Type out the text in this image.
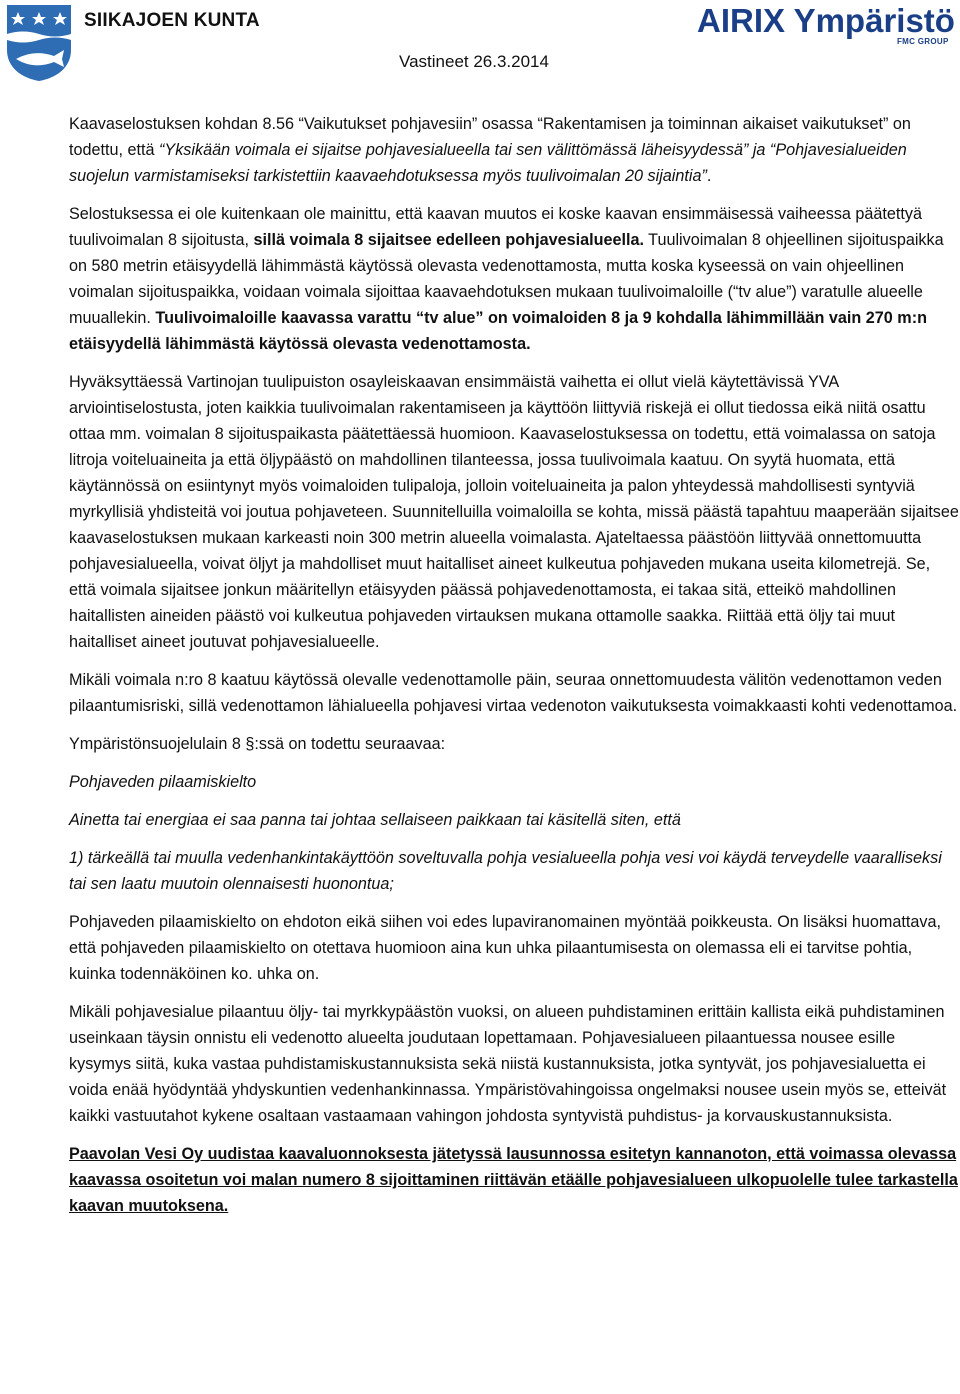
SIIKAJOEN KUNTA	AIRIX Ympäristö
FMC GROUP
Vastineet 26.3.2014

Kaavaselostuksen kohdan 8.56 “Vaikutukset pohjavesiin” osassa “Rakentamisen ja toiminnan aikaiset vaikutukset” on todettu, että “Yksikään voimala ei sijaitse pohjavesialueella tai sen välittömässä läheisyydessä” ja “Pohjavesialueiden suojelun varmistamiseksi tarkistettiin kaavaehdotuksessa myös tuulivoimalan 20 sijaintia”.

Selostuksessa ei ole kuitenkaan ole mainittu, että kaavan muutos ei koske kaavan ensimmäisessä vaiheessa päätettyä tuulivoimalan 8 sijoitusta, sillä voimala 8 sijaitsee edelleen pohjavesialueella. Tuulivoimalan 8 ohjeellinen sijoituspaikka on 580 metrin etäisyydellä lähimmästä käytössä olevasta vedenottamosta, mutta koska kyseessä on vain ohjeellinen voimalan sijoituspaikka, voidaan voimala sijoittaa kaavaehdotuksen mukaan tuulivoimaloille (“tv alue”) varatulle alueelle muuallekin. Tuulivoimaloille kaavassa varattu “tv alue” on voimaloiden 8 ja 9 kohdalla lähimmillään vain 270 m:n etäisyydellä lähimmästä käytössä olevasta vedenottamosta.

Hyväksyttäessä Vartinojan tuulipuiston osayleiskaavan ensimmäistä vaihetta ei ollut vielä käytettävissä YVA arviointiselostusta, joten kaikkia tuulivoimalan rakentamiseen ja käyttöön liittyviä riskejä ei ollut tiedossa eikä niitä osattu ottaa mm. voimalan 8 sijoituspaikasta päätettäessä huomioon. Kaavaselostuksessa on todettu, että voimalassa on satoja litroja voiteluaineita ja että öljypäästö on mahdollinen tilanteessa, jossa tuulivoimala kaatuu. On syytä huomata, että käytännössä on esiintynyt myös voimaloiden tulipaloja, jolloin voiteluaineita ja palon yhteydessä mahdollisesti syntyviä myrkyllisiä yhdisteitä voi joutua pohjaveteen. Suunnitelluilla voimaloilla se kohta, missä päästä tapahtuu maaperään sijaitsee kaavaselostuksen mukaan karkeasti noin 300 metrin alueella voimalasta. Ajateltaessa päästöön liittyvää onnettomuutta pohjavesialueella, voivat öljyt ja mahdolliset muut haitalliset aineet kulkeutua pohjaveden mukana useita kilometrejä. Se, että voimala sijaitsee jonkun määritellyn etäisyyden päässä pohjavedenottamosta, ei takaa sitä, etteikö mahdollinen haitallisten aineiden päästö voi kulkeutua pohjaveden virtauksen mukana ottamolle saakka. Riittää että öljy tai muut haitalliset aineet joutuvat pohjavesialueelle.

Mikäli voimala n:ro 8 kaatuu käytössä olevalle vedenottamolle päin, seuraa onnettomuudesta välitön vedenottamon veden pilaantumisriski, sillä vedenottamon lähialueella pohjavesi virtaa vedenoton vaikutuksesta voimakkaasti kohti vedenottamoa.

Ympäristönsuojelulain 8 §:ssä on todettu seuraavaa:

Pohjaveden pilaamiskielto

Ainetta tai energiaa ei saa panna tai johtaa sellaiseen paikkaan tai käsitellä siten, että

1) tärkeällä tai muulla vedenhankintakäyttöön soveltuvalla pohja vesialueella pohja vesi voi käydä terveydelle vaaralliseksi tai sen laatu muutoin olennaisesti huonontua;

Pohjaveden pilaamiskielto on ehdoton eikä siihen voi edes lupaviranomainen myöntää poikkeusta. On lisäksi huomattava, että pohjaveden pilaamiskielto on otettava huomioon aina kun uhka pilaantumisesta on olemassa eli ei tarvitse pohtia, kuinka todennäköinen ko. uhka on.

Mikäli pohjavesialue pilaantuu öljy- tai myrkkypäästön vuoksi, on alueen puhdistaminen erittäin kallista eikä puhdistaminen useinkaan täysin onnistu eli vedenotto alueelta joudutaan lopettamaan. Pohjavesialueen pilaantuessa nousee esille kysymys siitä, kuka vastaa puhdistamiskustannuksista sekä niistä kustannuksista, jotka syntyvät, jos pohjavesialuetta ei voida enää hyödyntää yhdyskuntien vedenhankinnassa. Ympäristövahingoissa ongelmaksi nousee usein myös se, etteivät kaikki vastuutahot kykene osaltaan vastaamaan vahingon johdosta syntyvistä puhdistus- ja korvauskustannuksista.

Paavolan Vesi Oy uudistaa kaavaluonnoksesta jätetyssä lausunnossa esitetyn kannanoton, että voimassa olevassa kaavassa osoitetun voi malan numero 8 sijoittaminen riittävän etäälle pohjavesialueen ulkopuolelle tulee tarkastella kaavan muutoksena.
